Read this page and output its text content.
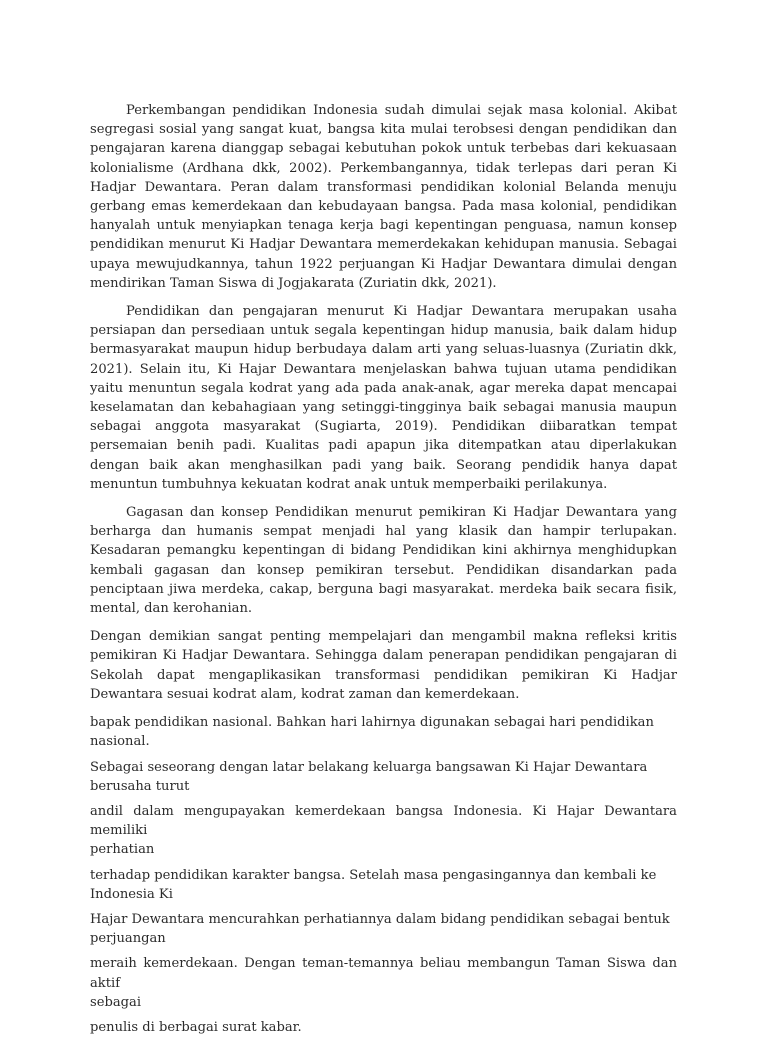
Perkembangan pendidikan Indonesia sudah dimulai sejak masa kolonial. Akibat segregasi sosial yang sangat kuat, bangsa kita mulai terobsesi dengan pendidikan dan pengajaran karena dianggap sebagai kebutuhan pokok untuk terbebas dari kekuasaan kolonialisme (Ardhana dkk, 2002). Perkembangannya, tidak terlepas dari peran Ki Hadjar Dewantara. Peran dalam transformasi pendidikan kolonial Belanda menuju gerbang emas kemerdekaan dan kebudayaan bangsa. Pada masa kolonial, pendidikan hanyalah untuk menyiapkan tenaga kerja bagi kepentingan penguasa, namun konsep pendidikan menurut Ki Hadjar Dewantara memerdekakan kehidupan manusia. Sebagai upaya mewujudkannya, tahun 1922 perjuangan Ki Hadjar Dewantara dimulai dengan mendirikan Taman Siswa di Jogjakarata (Zuriatin dkk, 2021).

Pendidikan dan pengajaran menurut Ki Hadjar Dewantara merupakan usaha persiapan dan persediaan untuk segala kepentingan hidup manusia, baik dalam hidup bermasyarakat maupun hidup berbudaya dalam arti yang seluas-luasnya (Zuriatin dkk, 2021). Selain itu, Ki Hajar Dewantara menjelaskan bahwa tujuan utama pendidikan yaitu menuntun segala kodrat yang ada pada anak-anak, agar mereka dapat mencapai keselamatan dan kebahagiaan yang setinggi-tingginya baik sebagai manusia maupun sebagai anggota masyarakat (Sugiarta, 2019). Pendidikan diibaratkan tempat persemaian benih padi. Kualitas padi apapun jika ditempatkan atau diperlakukan dengan baik akan menghasilkan padi yang baik. Seorang pendidik hanya dapat menuntun tumbuhnya kekuatan kodrat anak untuk memperbaiki perilakunya.

Gagasan dan konsep Pendidikan menurut pemikiran Ki Hadjar Dewantara yang berharga dan humanis sempat menjadi hal yang klasik dan hampir terlupakan. Kesadaran pemangku kepentingan di bidang Pendidikan kini akhirnya menghidupkan kembali gagasan dan konsep pemikiran tersebut. Pendidikan disandarkan pada penciptaan jiwa merdeka, cakap, berguna bagi masyarakat. merdeka baik secara fisik, mental, dan kerohanian.

Dengan demikian sangat penting mempelajari dan mengambil makna refleksi kritis pemikiran Ki Hadjar Dewantara. Sehingga dalam penerapan pendidikan pengajaran di Sekolah dapat mengaplikasikan transformasi pendidikan pemikiran Ki Hadjar Dewantara sesuai kodrat alam, kodrat zaman dan kemerdekaan.

bapak pendidikan nasional. Bahkan hari lahirnya digunakan sebagai hari pendidikan
nasional.

Sebagai seseorang dengan latar belakang keluarga bangsawan Ki Hajar Dewantara
berusaha turut

andil dalam mengupayakan kemerdekaan bangsa Indonesia. Ki Hajar Dewantara memiliki
perhatian

terhadap pendidikan karakter bangsa. Setelah masa pengasingannya dan kembali ke
Indonesia Ki

Hajar Dewantara mencurahkan perhatiannya dalam bidang pendidikan sebagai bentuk
perjuangan

meraih kemerdekaan. Dengan teman-temannya beliau membangun Taman Siswa dan aktif
sebagai

penulis di berbagai surat kabar.
